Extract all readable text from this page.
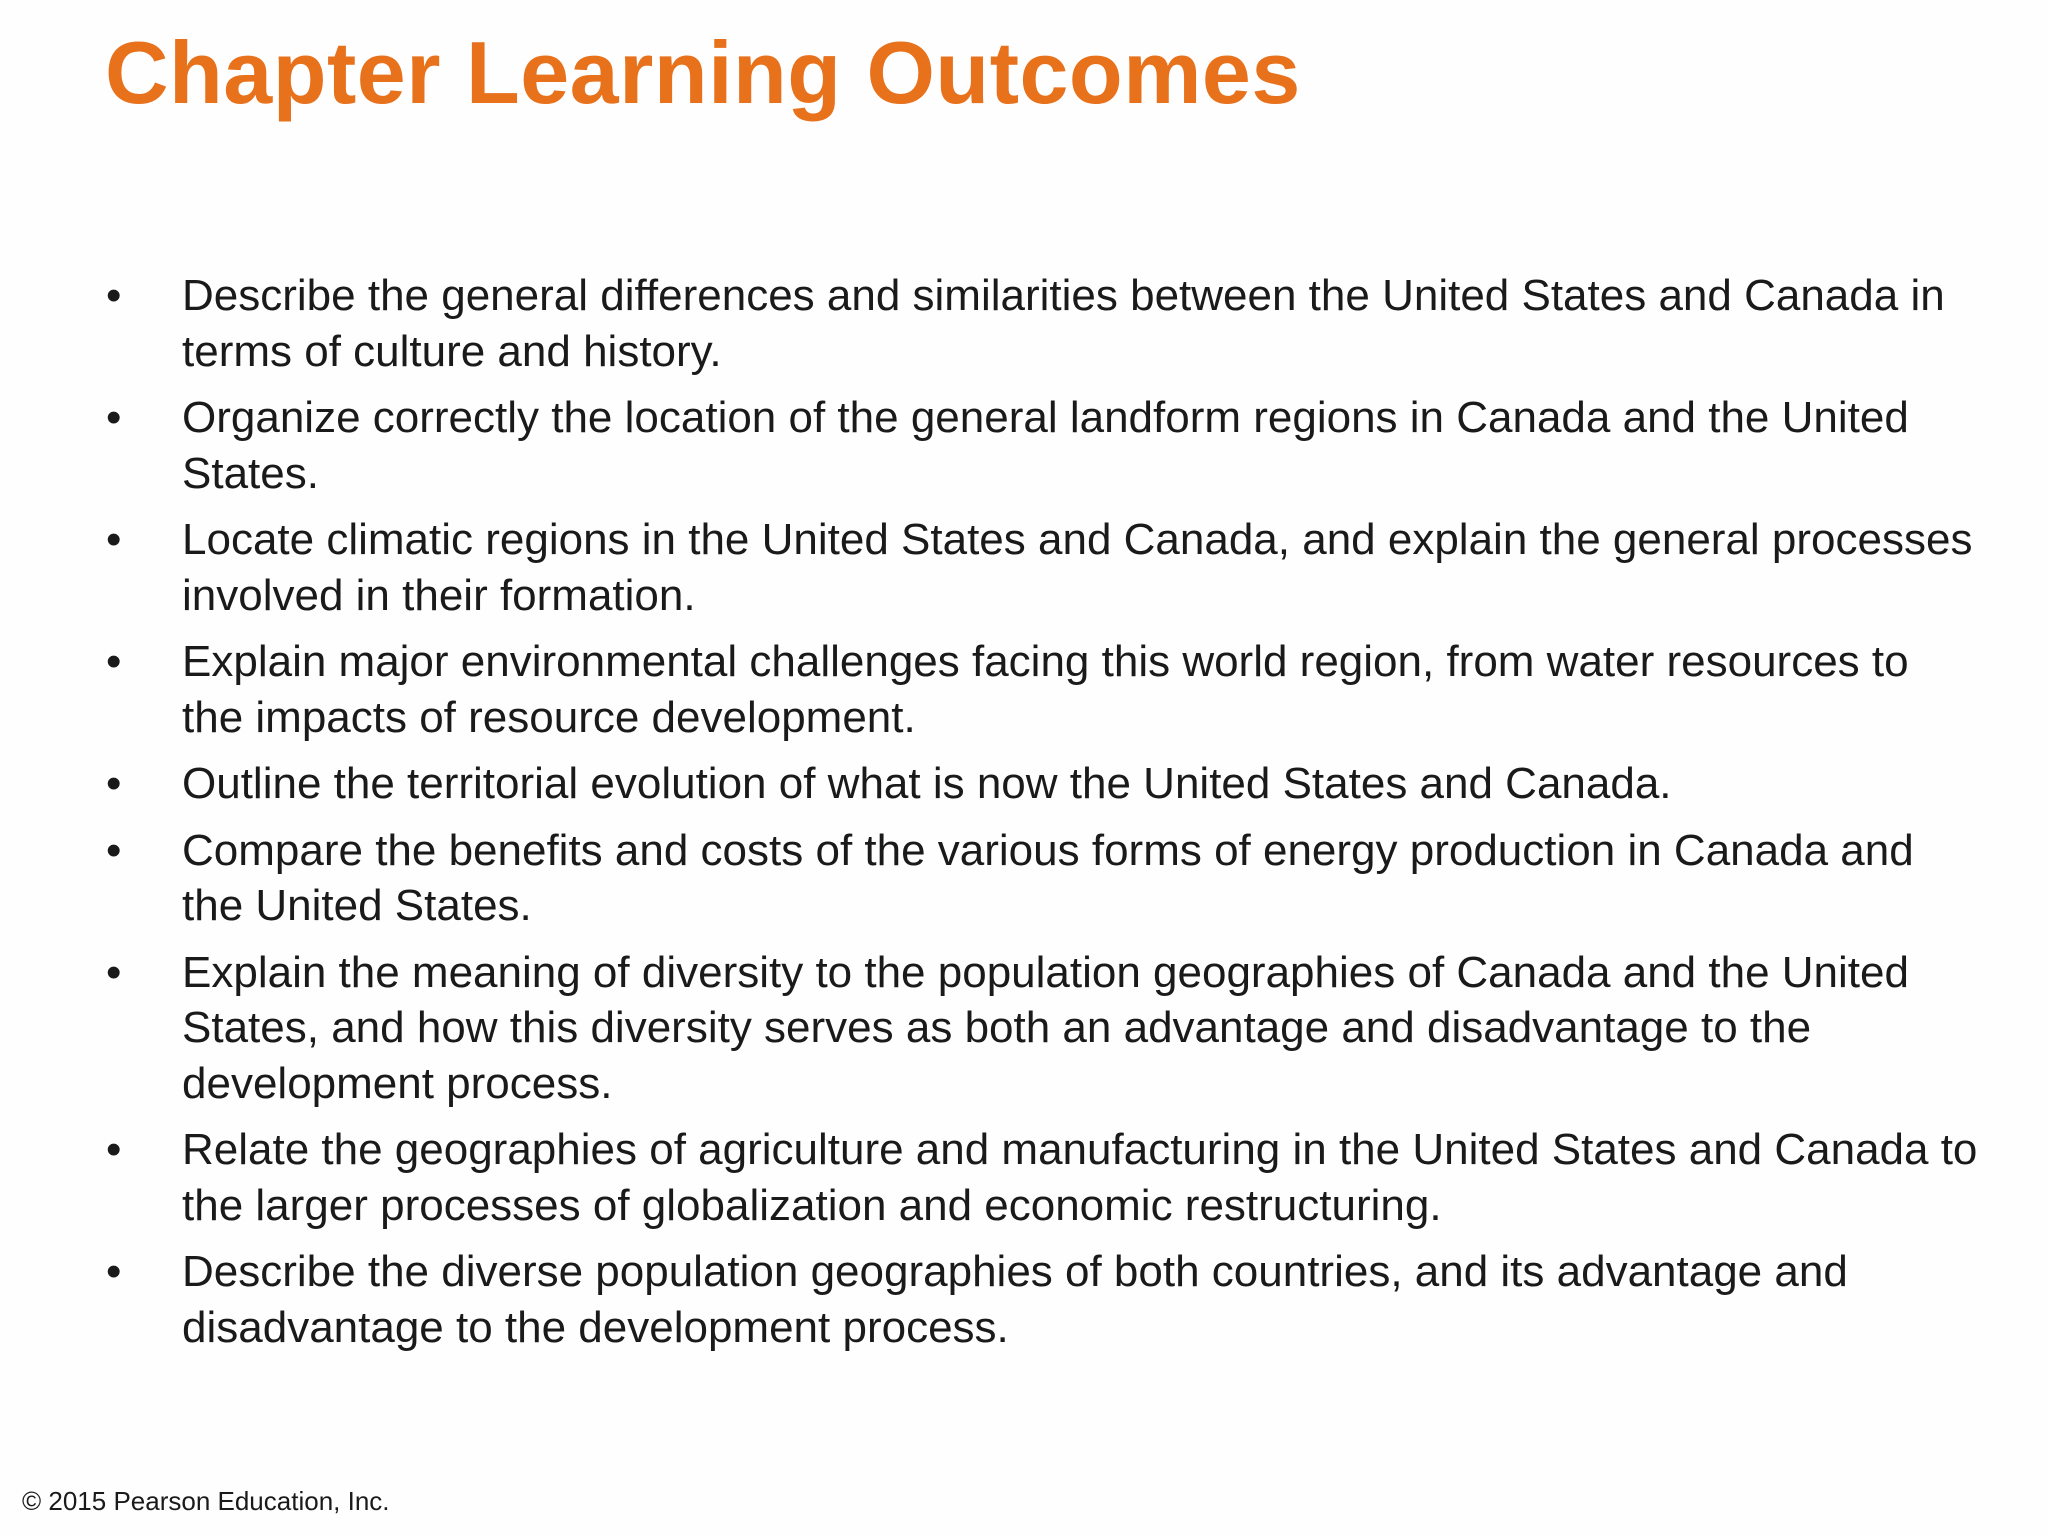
Chapter Learning Outcomes
•	Describe the general differences and similarities between the United States and Canada in terms of culture and history.
•	Organize correctly the location of the general landform regions in Canada and the United States.
•	Locate climatic regions in the United States and Canada, and explain the general processes involved in their formation.
•	Explain major environmental challenges facing this world region, from water resources to the impacts of resource development.
•	Outline the territorial evolution of what is now the United States and Canada.
•	Compare the benefits and costs of the various forms of energy production in Canada and the United States.
•	Explain the meaning of diversity to the population geographies of Canada and the United States, and how this diversity serves as both an advantage and disadvantage to the development process.
•	Relate the geographies of agriculture and manufacturing in the United States and Canada to the larger processes of globalization and economic restructuring.
•	Describe the diverse population geographies of both countries, and its advantage and disadvantage to the development process.
© 2015 Pearson Education, Inc.
